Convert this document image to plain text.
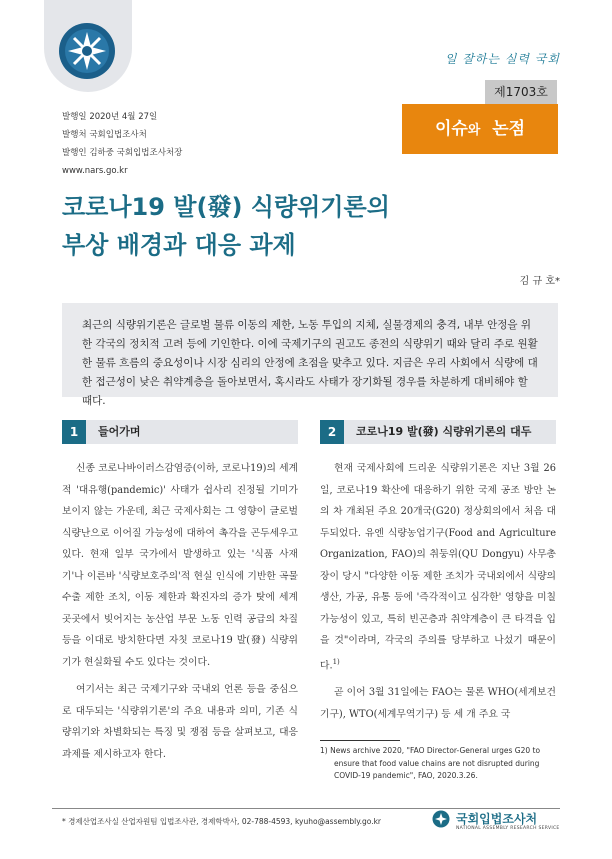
일 잘하는 실력 국회
제1703호
이슈와 논점
발행일 2020년 4월 27일
발행처 국회입법조사처
발행인 김하중 국회입법조사처장
www.nars.go.kr
코로나19 발(發) 식량위기론의
부상 배경과 대응 과제
김 규 호*

최근의 식량위기론은 글로벌 물류 이동의 제한, 노동 투입의 지체, 실물경제의 충격, 내부 안정을 위한 각국의 정치적 고려 등에 기인한다. 이에 국제기구의 권고도 종전의 식량위기 때와 달리 주로 원활한 물류 흐름의 중요성이나 시장 심리의 안정에 초점을 맞추고 있다. 지금은 우리 사회에서 식량에 대한 접근성이 낮은 취약계층을 돌아보면서, 혹시라도 사태가 장기화될 경우를 차분하게 대비해야 할 때다.

1	들어가며	2	코로나19 발(發) 식량위기론의 대두

신종 코로나바이러스감염증(이하, 코로나19)의 세계적 '대유행(pandemic)' 사태가 쉽사리 진정될 기미가 보이지 않는 가운데, 최근 국제사회는 그 영향이 글로벌 식량난으로 이어질 가능성에 대하여 촉각을 곤두세우고 있다. 현재 일부 국가에서 발생하고 있는 '식품 사재기'나 이른바 '식량보호주의'적 현실 인식에 기반한 곡물 수출 제한 조치, 이동 제한과 확진자의 증가 탓에 세계 곳곳에서 빚어지는 농산업 부문 노동 인력 공급의 차질 등을 이대로 방치한다면 자칫 코로나19 발(發) 식량위기가 현실화될 수도 있다는 것이다.

여기서는 최근 국제기구와 국내외 언론 등을 중심으로 대두되는 '식량위기론'의 주요 내용과 의미, 기존 식량위기와 차별화되는 특징 및 쟁점 등을 살펴보고, 대응과제를 제시하고자 한다.

현재 국제사회에 드리운 식량위기론은 지난 3월 26일, 코로나19 확산에 대응하기 위한 국제 공조 방안 논의 차 개최된 주요 20개국(G20) 정상회의에서 처음 대두되었다. 유엔 식량농업기구(Food and Agriculture Organization, FAO)의 취둥위(QU Dongyu) 사무총장이 당시 "다양한 이동 제한 조치가 국내외에서 식량의 생산, 가공, 유통 등에 '즉각적이고 심각한' 영향을 미칠 가능성이 있고, 특히 빈곤층과 취약계층이 큰 타격을 입을 것"이라며, 각국의 주의를 당부하고 나섰기 때문이다.$^{1)}$

곧 이어 3월 31일에는 FAO는 물론 WHO(세계보건기구), WTO(세계무역기구) 등 세 개 주요 국

1) News archive 2020, "FAO Director-General urges G20 to ensure that food value chains are not disrupted during COVID-19 pandemic", FAO, 2020.3.26.
* 경제산업조사실 산업자원팀 입법조사관, 경제학박사, 02-788-4593, kyuho@assembly.go.kr	국회입법조사처
NATIONAL ASSEMBLY RESEARCH SERVICE
